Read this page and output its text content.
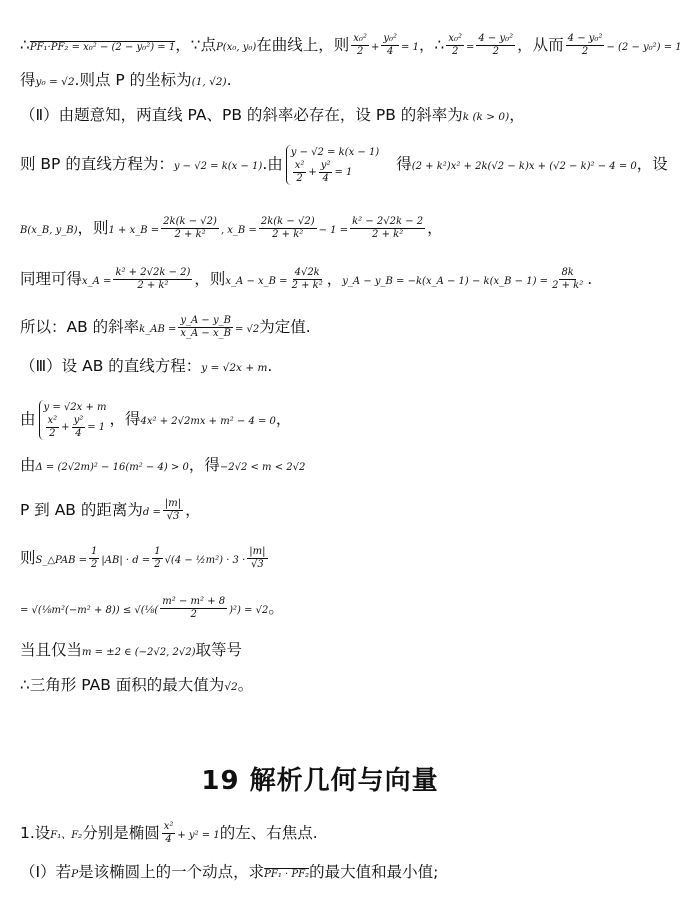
∴PF₁·PF₂ = x₀² − (2 − y₀²) = 1，∵点P(x₀, y₀)在曲线上，则 $\frac{\text{x₀²}}{2} + \frac{\text{y₀²}}{4} = 1$，∴ $\frac{\text{x₀²}}{2} = \frac{\text{4 − y₀²}}{2}$ ，从而 $\frac{\text{4 − y₀²}}{2} - (2 - y_0^2) = 1$
得y₀ = √2.则点 P 的坐标为(1, √2).
（Ⅱ）由题意知，两直线 PA、PB 的斜率必存在，设 PB 的斜率为k (k > 0)，
则 BP 的直线方程为：y − √2 = k(x − 1).由
y − √2 = k(x − 1)
$\frac{\text{x²}}{2} + \frac{\text{y²}}{4} = 1$	得(2 + k²)x² + 2k(√2 − k)x + (√2 − k)² − 4 = 0，设
B(x_B, y_B)，则1 + x_B = $\frac{2k(k - √2)}{\text{2 + k²}}$ , x_B = $\frac{2k(k - √2)}{\text{2 + k²}} - 1 = \frac{\text{k² − 2√2k − 2}}{\text{2 + k²}}$ ，
同理可得x_A = $\frac{\text{k² + 2√2k − 2)}}{\text{2 + k²}}$ ，则x_A − x_B = $\frac{4√2k}{\text{2 + k²}}$ ，y_A − y_B = −k(x_A − 1) − k(x_B − $1) = \frac{8k}{\text{2 + k²}}$ .
所以：AB 的斜率k_AB = $\frac{y\_A - y\_B}{x\_A - x\_B} = √2$为定值.
（Ⅲ）设 AB 的直线方程：y = √2x + m.
由
y = √2x + m
$\frac{\text{x²}}{2} + \frac{\text{y²}}{4} = 1$ ，得4x² + 2√2mx + m² − 4 = 0，
由Δ = (2√2m)² − 16(m² − 4) > 0，得−2√2 < m < 2√2
P 到 AB 的距离为$d = \frac{|m|}{√3}$ ，
则S_△PAB = $\frac{1}{2} |AB| \cdot d = \frac{1}{2} √(4$ − ½m²) · $3 \cdot \frac{|m|}{√3}$
= √(⅛m²(−m² + 8)) ≤ √(⅛( $\frac{\text{m² − m² + 8}}{2} )^2) = √2$。
当且仅当m = ±2 ∈ (−2√2, 2√2)取等号
∴三角形 PAB 面积的最大值为√2。
19 解析几何与向量
1.设F₁、F₂分别是椭圆 $\frac{\text{x²}}{4} + y^2 = 1$的左、右焦点.
（Ⅰ）若P是该椭圆上的一个动点，求PF₁ · PF₂的最大值和最小值;
